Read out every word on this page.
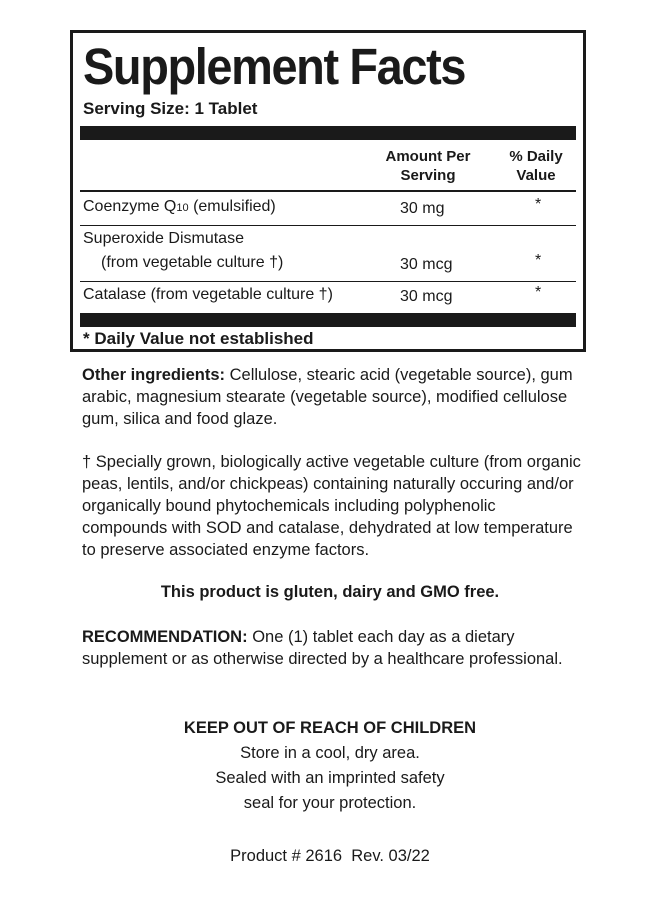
Supplement Facts
Serving Size: 1 Tablet
Amount Per
Serving
% Daily
Value
Coenzyme Q10 (emulsified)	30 mg	*
Superoxide Dismutase
(from vegetable culture †)	30 mcg	*
Catalase (from vegetable culture †)	30 mcg	*
* Daily Value not established

Other ingredients: Cellulose, stearic acid (vegetable source), gum arabic, magnesium stearate (vegetable source), modified cellulose gum, silica and food glaze.

† Specially grown, biologically active vegetable culture (from organic peas, lentils, and/or chickpeas) containing naturally occuring and/or organically bound phytochemicals including polyphenolic compounds with SOD and catalase, dehydrated at low temperature to preserve associated enzyme factors.

This product is gluten, dairy and GMO free.

RECOMMENDATION: One (1) tablet each day as a dietary supplement or as otherwise directed by a healthcare professional.

KEEP OUT OF REACH OF CHILDREN
Store in a cool, dry area.
Sealed with an imprinted safety
seal for your protection.
Product # 2616  Rev. 03/22
